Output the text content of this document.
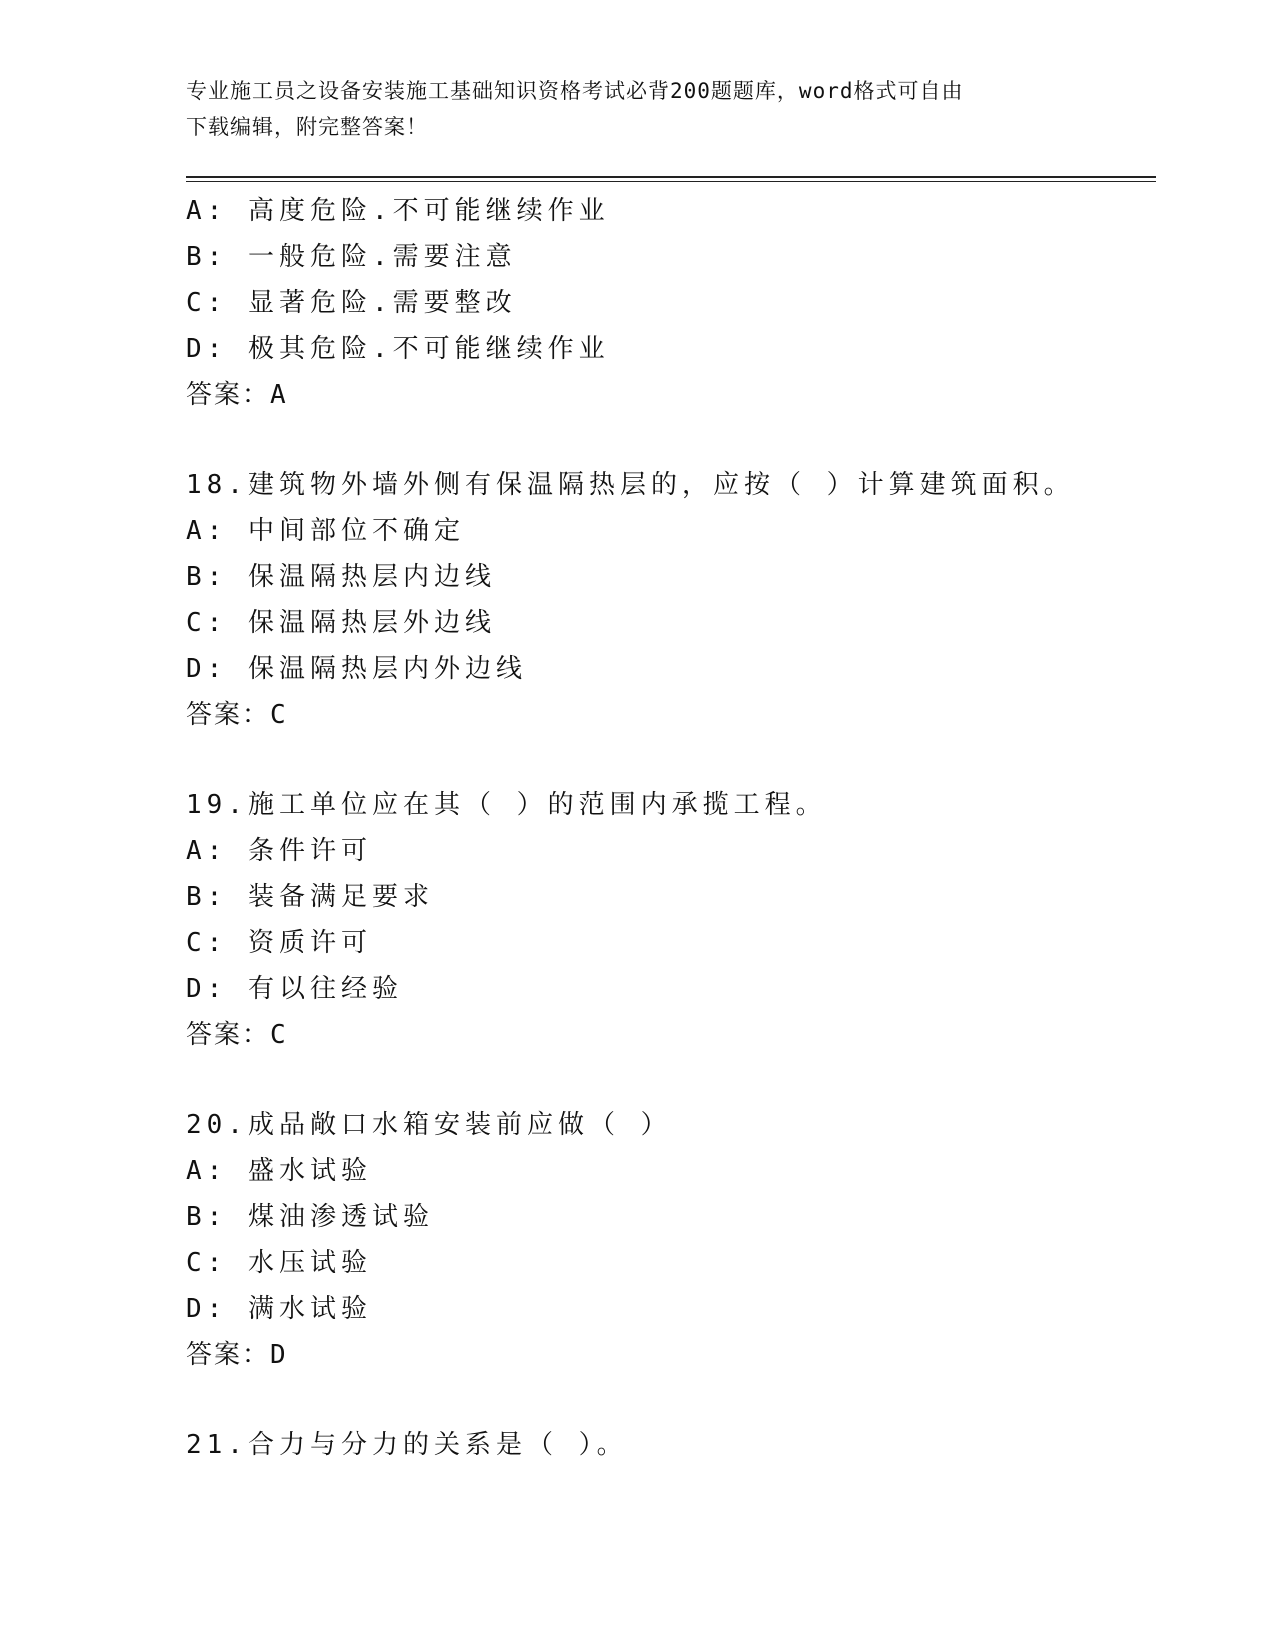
专业施工员之设备安装施工基础知识资格考试必背200题题库，word格式可自由
下载编辑，附完整答案！
A: 高度危险.不可能继续作业
B: 一般危险.需要注意
C: 显著危险.需要整改
D: 极其危险.不可能继续作业
答案：A
18.建筑物外墙外侧有保温隔热层的，应按（ ）计算建筑面积。
A: 中间部位不确定
B: 保温隔热层内边线
C: 保温隔热层外边线
D: 保温隔热层内外边线
答案：C
19.施工单位应在其（ ）的范围内承揽工程。
A: 条件许可
B: 装备满足要求
C: 资质许可
D: 有以往经验
答案：C
20.成品敞口水箱安装前应做（ ）
A: 盛水试验
B: 煤油渗透试验
C: 水压试验
D: 满水试验
答案：D
21.合力与分力的关系是（ ）。
